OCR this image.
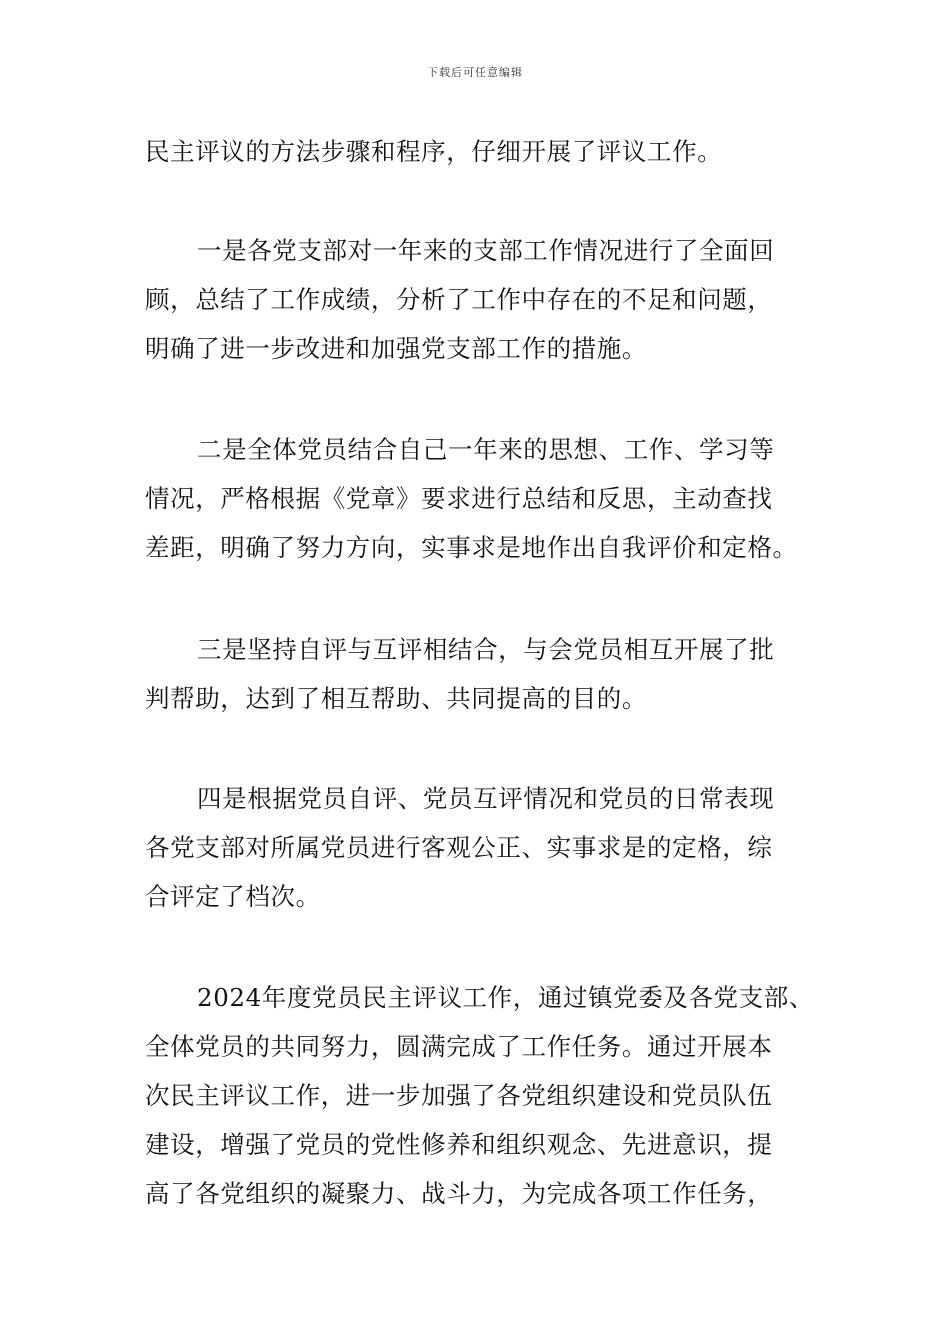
下载后可任意编辑
民主评议的方法步骤和程序，仔细开展了评议工作。
一是各党支部对一年来的支部工作情况进行了全面回
顾，总结了工作成绩，分析了工作中存在的不足和问题，
明确了进一步改进和加强党支部工作的措施。
二是全体党员结合自己一年来的思想、工作、学习等
情况，严格根据《党章》要求进行总结和反思，主动查找
差距，明确了努力方向，实事求是地作出自我评价和定格。
三是坚持自评与互评相结合，与会党员相互开展了批
判帮助，达到了相互帮助、共同提高的目的。
四是根据党员自评、党员互评情况和党员的日常表现
各党支部对所属党员进行客观公正、实事求是的定格，综
合评定了档次。
2024年度党员民主评议工作，通过镇党委及各党支部、
全体党员的共同努力，圆满完成了工作任务。通过开展本
次民主评议工作，进一步加强了各党组织建设和党员队伍
建设，增强了党员的党性修养和组织观念、先进意识，提
高了各党组织的凝聚力、战斗力，为完成各项工作任务，
